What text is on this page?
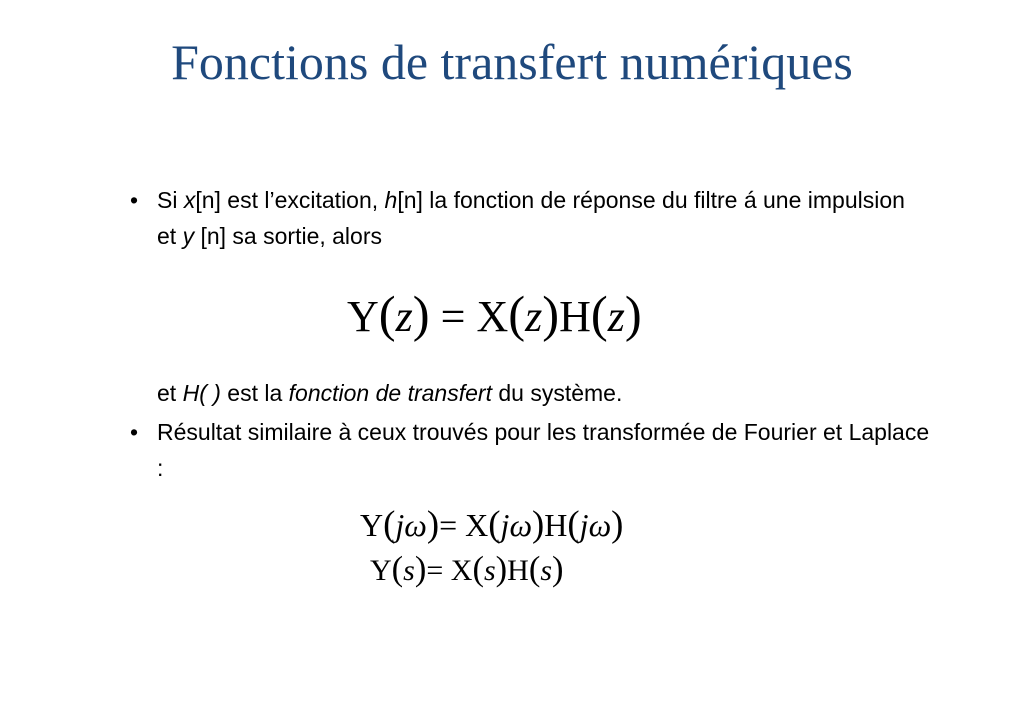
Fonctions de transfert numériques
• Si x[n] est l’excitation, h[n] la fonction de réponse du filtre á une impulsion et y [n] sa sortie, alors
Y(z) = X(z)H(z)
et H( ) est la fonction de transfert du système.
• Résultat similaire à ceux trouvés pour les transformée de Fourier et Laplace :
Y(jω)= X(jω)H(jω)
Y(s)= X(s)H(s)
